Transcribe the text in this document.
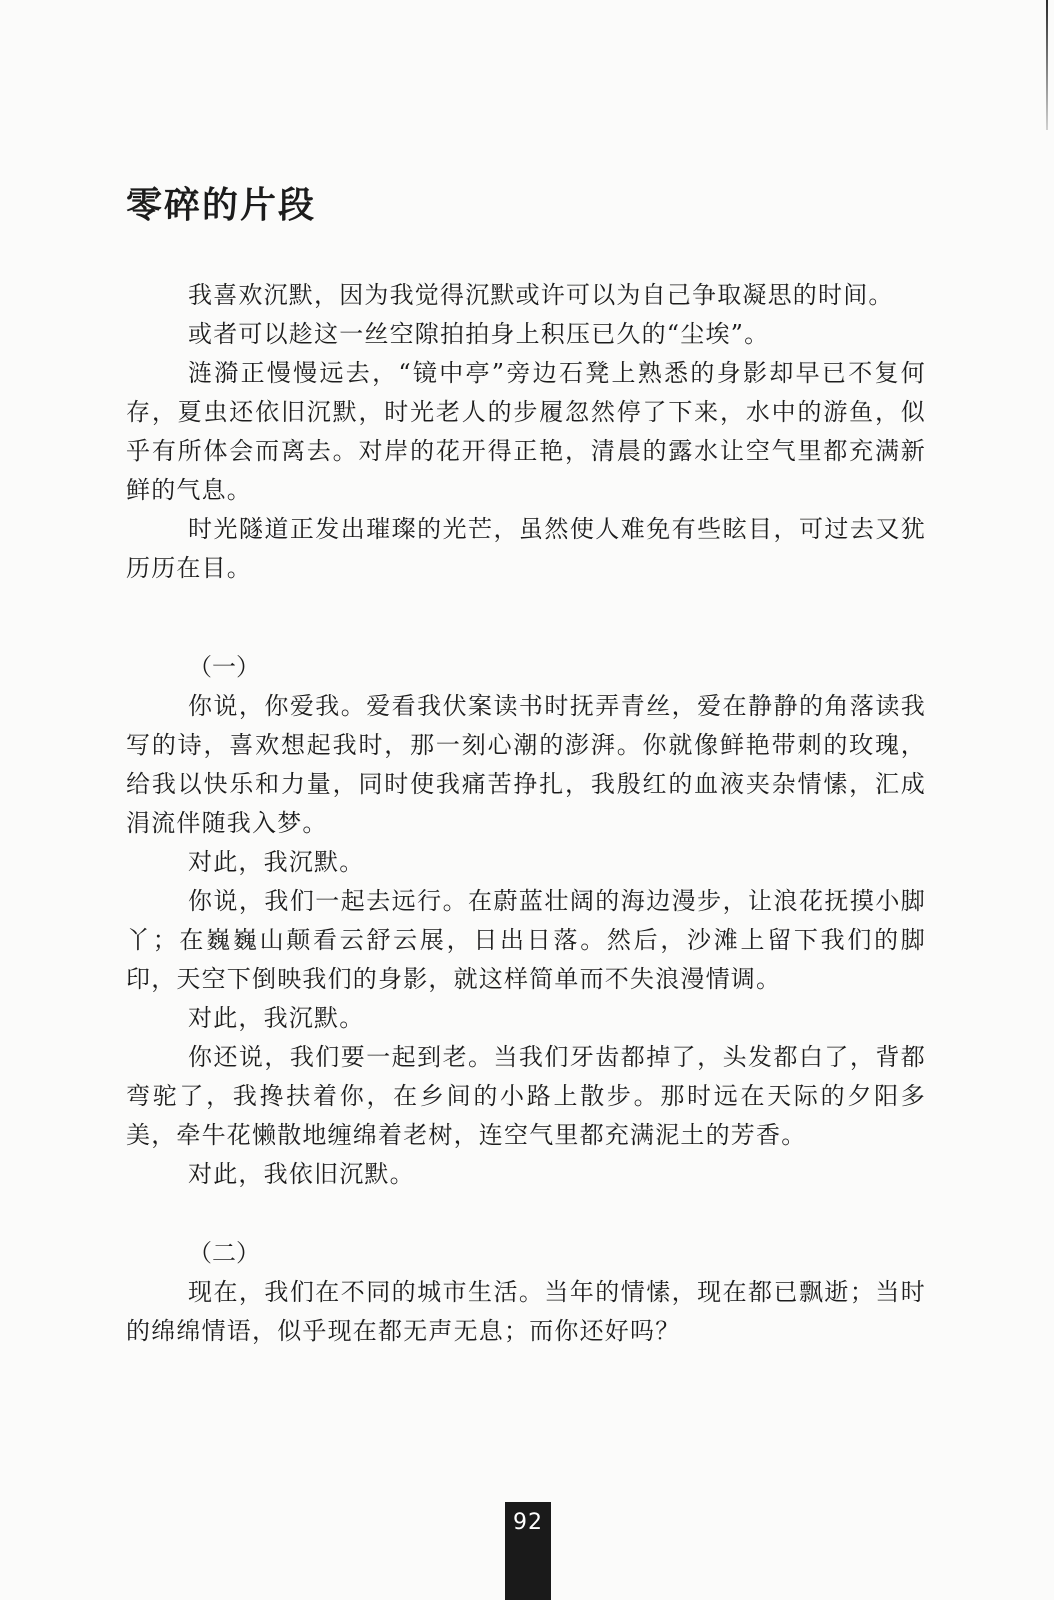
零碎的片段

我喜欢沉默，因为我觉得沉默或许可以为自己争取凝思的时间。

或者可以趁这一丝空隙拍拍身上积压已久的“尘埃”。

涟漪正慢慢远去，“镜中亭”旁边石凳上熟悉的身影却早已不复何存，夏虫还依旧沉默，时光老人的步履忽然停了下来，水中的游鱼，似乎有所体会而离去。对岸的花开得正艳，清晨的露水让空气里都充满新鲜的气息。

时光隧道正发出璀璨的光芒，虽然使人难免有些眩目，可过去又犹历历在目。

（一）

你说，你爱我。爱看我伏案读书时抚弄青丝，爱在静静的角落读我写的诗，喜欢想起我时，那一刻心潮的澎湃。你就像鲜艳带刺的玫瑰，给我以快乐和力量，同时使我痛苦挣扎，我殷红的血液夹杂情愫，汇成涓流伴随我入梦。

对此，我沉默。

你说，我们一起去远行。在蔚蓝壮阔的海边漫步，让浪花抚摸小脚丫；在巍巍山颠看云舒云展，日出日落。然后，沙滩上留下我们的脚印，天空下倒映我们的身影，就这样简单而不失浪漫情调。

对此，我沉默。

你还说，我们要一起到老。当我们牙齿都掉了，头发都白了，背都弯驼了，我搀扶着你，在乡间的小路上散步。那时远在天际的夕阳多美，牵牛花懒散地缠绵着老树，连空气里都充满泥土的芳香。

对此，我依旧沉默。

（二）

现在，我们在不同的城市生活。当年的情愫，现在都已飘逝；当时的绵绵情语，似乎现在都无声无息；而你还好吗？

92
